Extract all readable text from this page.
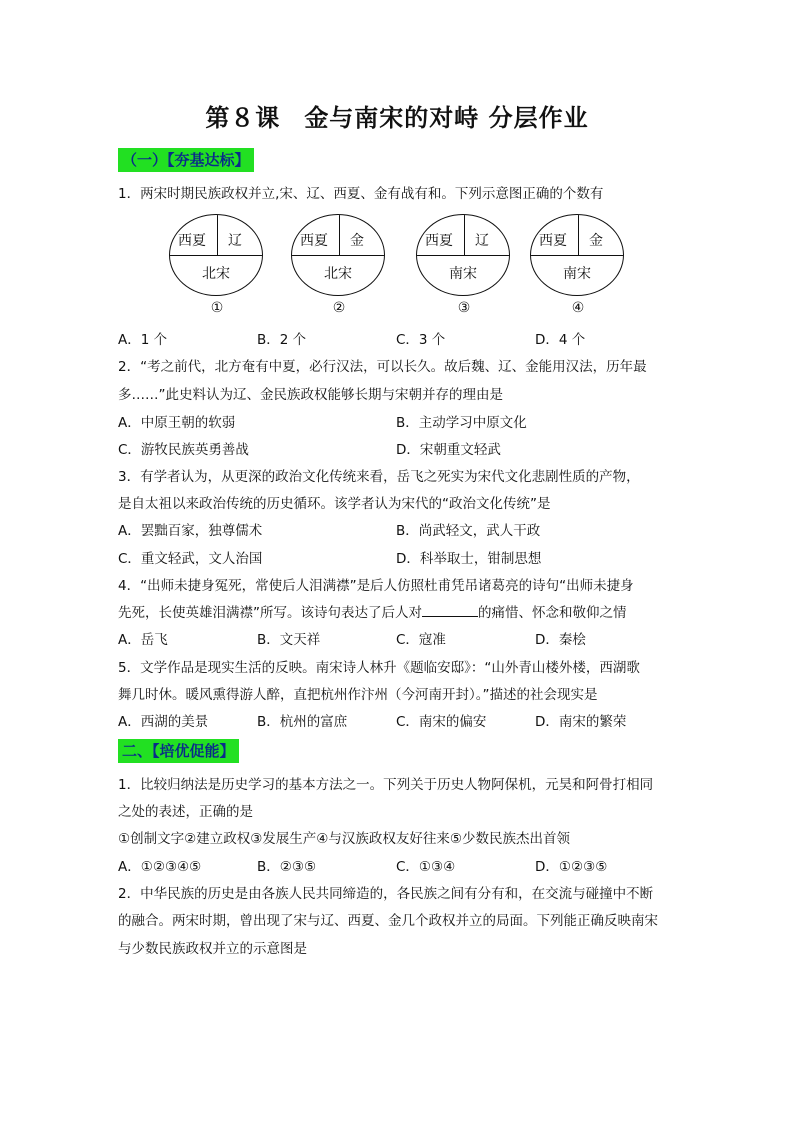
第８课 金与南宋的对峙 分层作业
（一）【夯基达标】
1．两宋时期民族政权并立,宋、辽、西夏、金有战有和。下列示意图正确的个数有
西夏 辽
北宋
①
西夏 金
北宋
②
西夏 辽
南宋
③
西夏 金
南宋
④
A．1 个	B．2 个	C．3 个	D．4 个
2．“考之前代，北方奄有中夏，必行汉法，可以长久。故后魏、辽、金能用汉法，历年最
多……”此史料认为辽、金民族政权能够长期与宋朝并存的理由是
A．中原王朝的软弱	B．主动学习中原文化
C．游牧民族英勇善战	D．宋朝重文轻武
3．有学者认为，从更深的政治文化传统来看，岳飞之死实为宋代文化悲剧性质的产物，
是自太祖以来政治传统的历史循环。该学者认为宋代的“政治文化传统”是
A．罢黜百家，独尊儒术	B．尚武轻文，武人干政
C．重文轻武，文人治国	D．科举取士，钳制思想
4．“出师未捷身冤死，常使后人泪满襟”是后人仿照杜甫凭吊诸葛亮的诗句“出师未捷身
先死，长使英雄泪满襟”所写。该诗句表达了后人对	的痛惜、怀念和敬仰之情
A．岳飞	B．文天祥	C．寇准	D．秦桧
5．文学作品是现实生活的反映。南宋诗人林升《题临安邸》：“山外青山楼外楼，西湖歌
舞几时休。暖风熏得游人醉，直把杭州作汴州（今河南开封）。”描述的社会现实是
A．西湖的美景	B．杭州的富庶	C．南宋的偏安	D．南宋的繁荣
二、【培优促能】
1．比较归纳法是历史学习的基本方法之一。下列关于历史人物阿保机，元昊和阿骨打相同
之处的表述，正确的是
①创制文字②建立政权③发展生产④与汉族政权友好往来⑤少数民族杰出首领
A．①②③④⑤	B．②③⑤	C．①③④	D．①②③⑤
2．中华民族的历史是由各族人民共同缔造的，各民族之间有分有和，在交流与碰撞中不断
的融合。两宋时期，曾出现了宋与辽、西夏、金几个政权并立的局面。下列能正确反映南宋
与少数民族政权并立的示意图是
